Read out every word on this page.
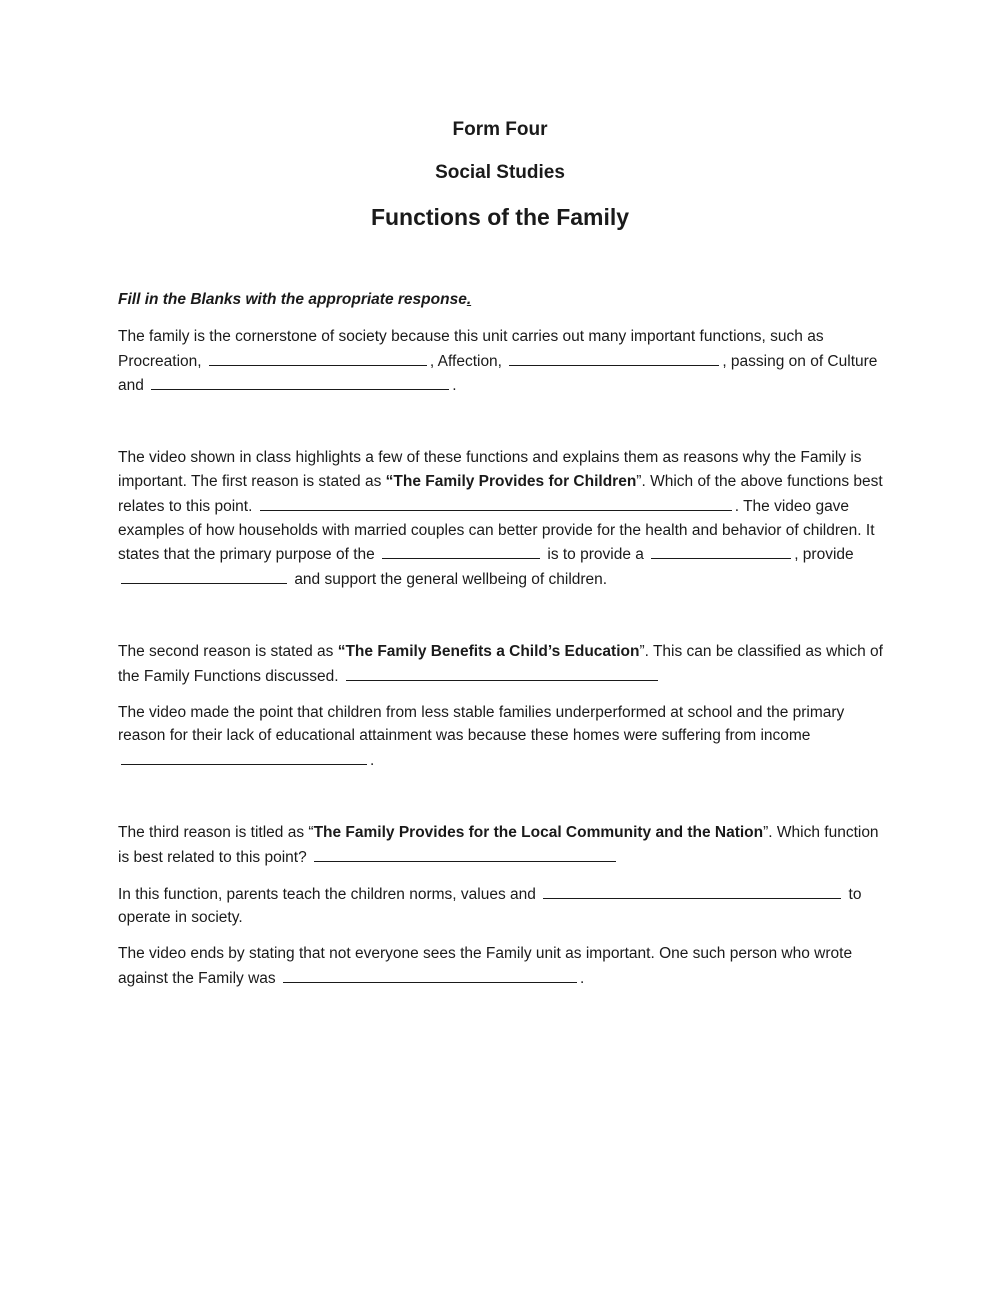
Form Four
Social Studies
Functions of the Family

Fill in the Blanks with the appropriate response.

The family is the cornerstone of society because this unit carries out many important functions, such as Procreation,	, Affection,	, passing on of Culture and	.

The video shown in class highlights a few of these functions and explains them as reasons why the Family is important. The first reason is stated as “The Family Provides for Children”. Which of the above functions best relates to this point.	. The video gave examples of how households with married couples can better provide for the health and behavior of children. It states that the primary purpose of the	is to provide a	, provide  and support the general wellbeing of children.

The second reason is stated as “The Family Benefits a Child’s Education”. This can be classified as which of the Family Functions discussed.

The video made the point that children from less stable families underperformed at school and the primary reason for their lack of educational attainment was because these homes were suffering from income .

The third reason is titled as “The Family Provides for the Local Community and the Nation”. Which function is best related to this point?

In this function, parents teach the children norms, values and	to operate in society.

The video ends by stating that not everyone sees the Family unit as important. One such person who wrote against the Family was	.
